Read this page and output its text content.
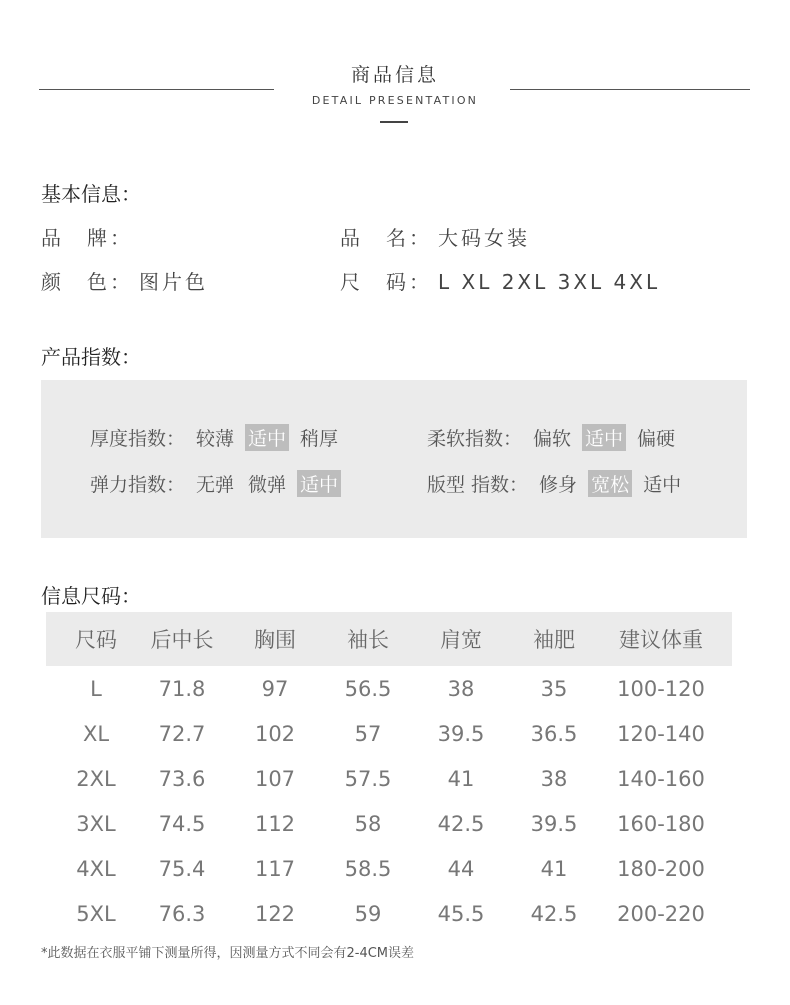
商品信息
DETAIL PRESENTATION
基本信息：
品　牌：	品　名： 大码女装
颜　色： 图片色	尺　码： L XL 2XL 3XL 4XL
产品指数：
厚度指数： 较薄 适中 稍厚	柔软指数： 偏软 适中 偏硬
弹力指数： 无弹 微弹 适中	版型 指数： 修身 宽松 适中
信息尺码：
尺码	后中长	胸围	袖长	肩宽	袖肥	建议体重
L	71.8	97	56.5	38	35	100-120
XL	72.7	102	57	39.5	36.5	120-140
2XL	73.6	107	57.5	41	38	140-160
3XL	74.5	112	58	42.5	39.5	160-180
4XL	75.4	117	58.5	44	41	180-200
5XL	76.3	122	59	45.5	42.5	200-220
*此数据在衣服平铺下测量所得，因测量方式不同会有2-4CM误差
